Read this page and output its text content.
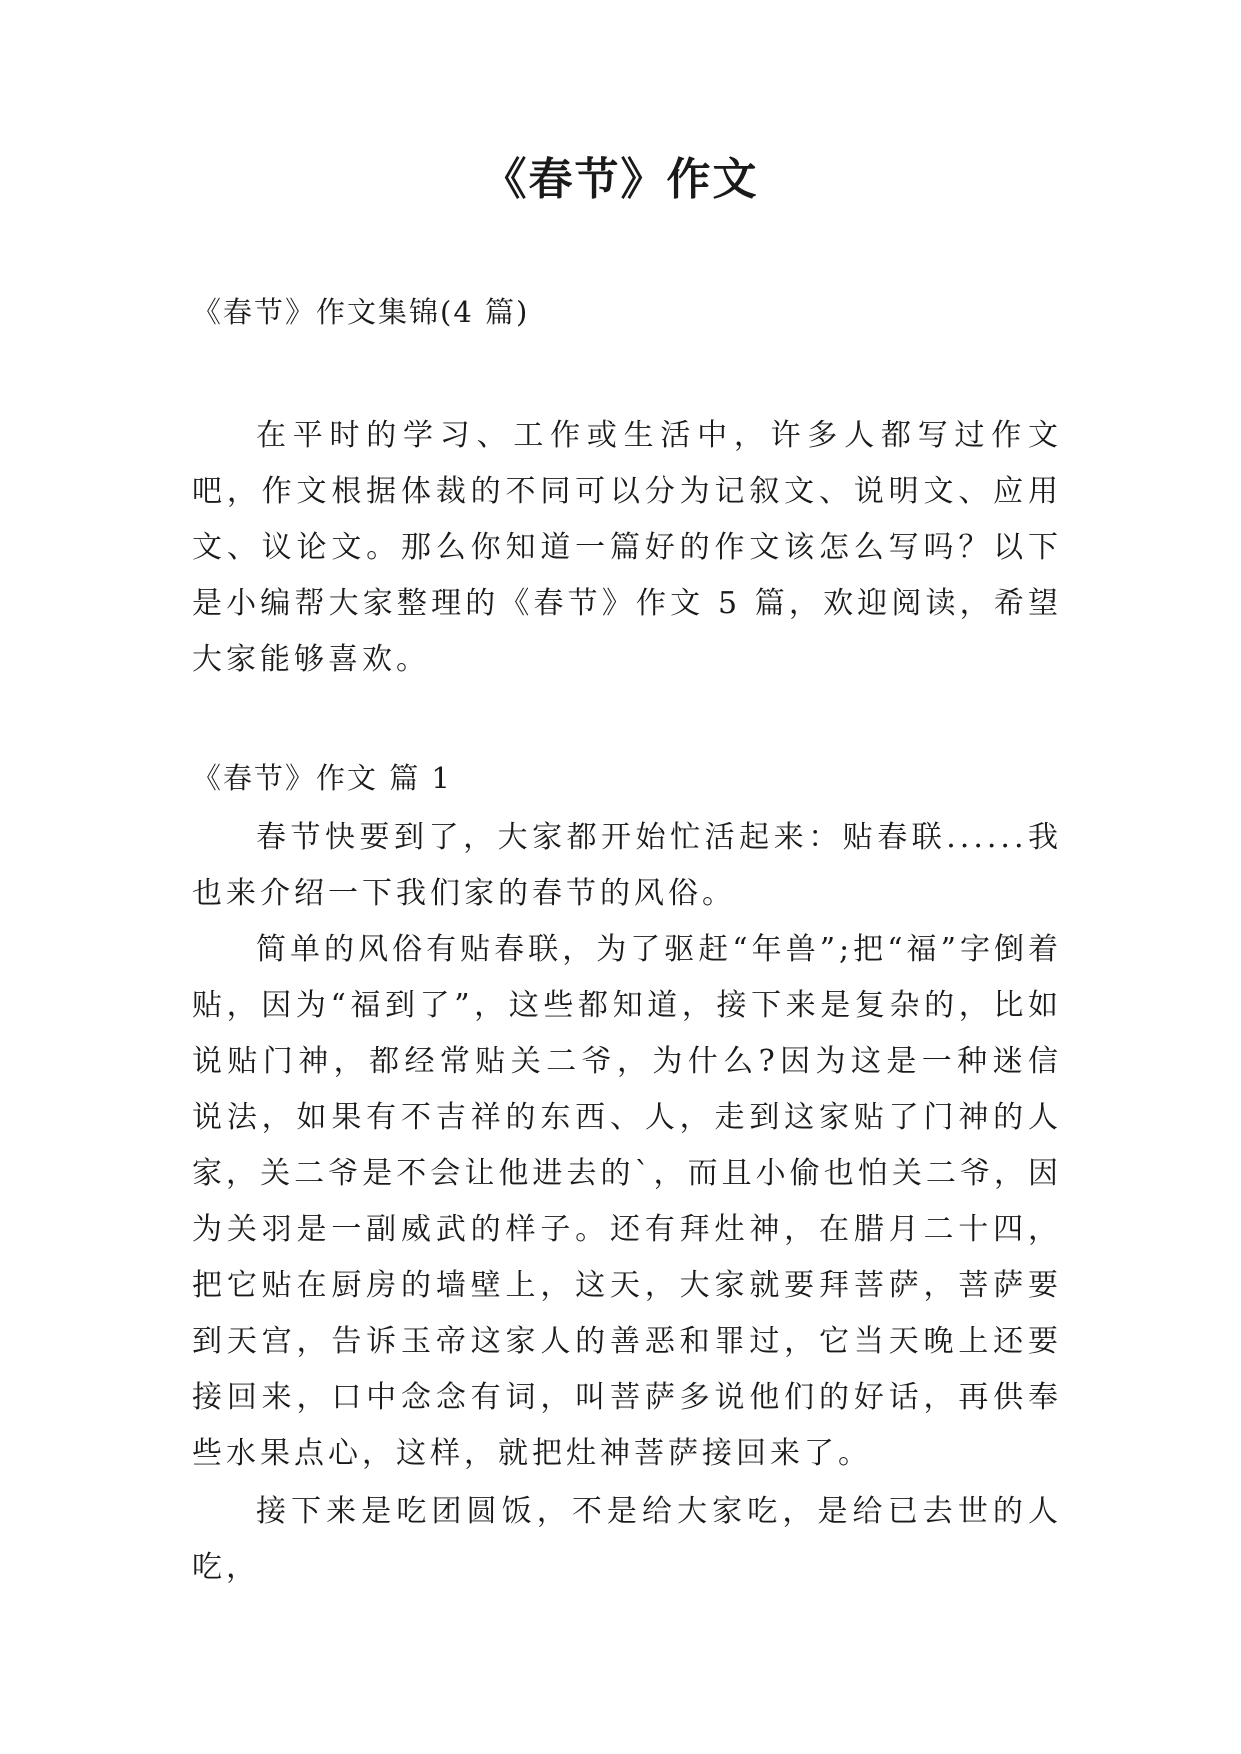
《春节》作文
《春节》作文集锦(4 篇)

在平时的学习、工作或生活中，许多人都写过作文吧，作文根据体裁的不同可以分为记叙文、说明文、应用文、议论文。那么你知道一篇好的作文该怎么写吗？以下是小编帮大家整理的《春节》作文 5 篇，欢迎阅读，希望大家能够喜欢。

《春节》作文 篇 1

春节快要到了，大家都开始忙活起来：贴春联......我也来介绍一下我们家的春节的风俗。

简单的风俗有贴春联，为了驱赶“年兽”;把“福”字倒着贴，因为“福到了”，这些都知道，接下来是复杂的，比如说贴门神，都经常贴关二爷，为什么?因为这是一种迷信说法，如果有不吉祥的东西、人，走到这家贴了门神的人家，关二爷是不会让他进去的`，而且小偷也怕关二爷，因为关羽是一副威武的样子。还有拜灶神，在腊月二十四，把它贴在厨房的墙壁上，这天，大家就要拜菩萨，菩萨要到天宫，告诉玉帝这家人的善恶和罪过，它当天晚上还要接回来，口中念念有词，叫菩萨多说他们的好话，再供奉些水果点心，这样，就把灶神菩萨接回来了。

接下来是吃团圆饭，不是给大家吃，是给已去世的人吃，
